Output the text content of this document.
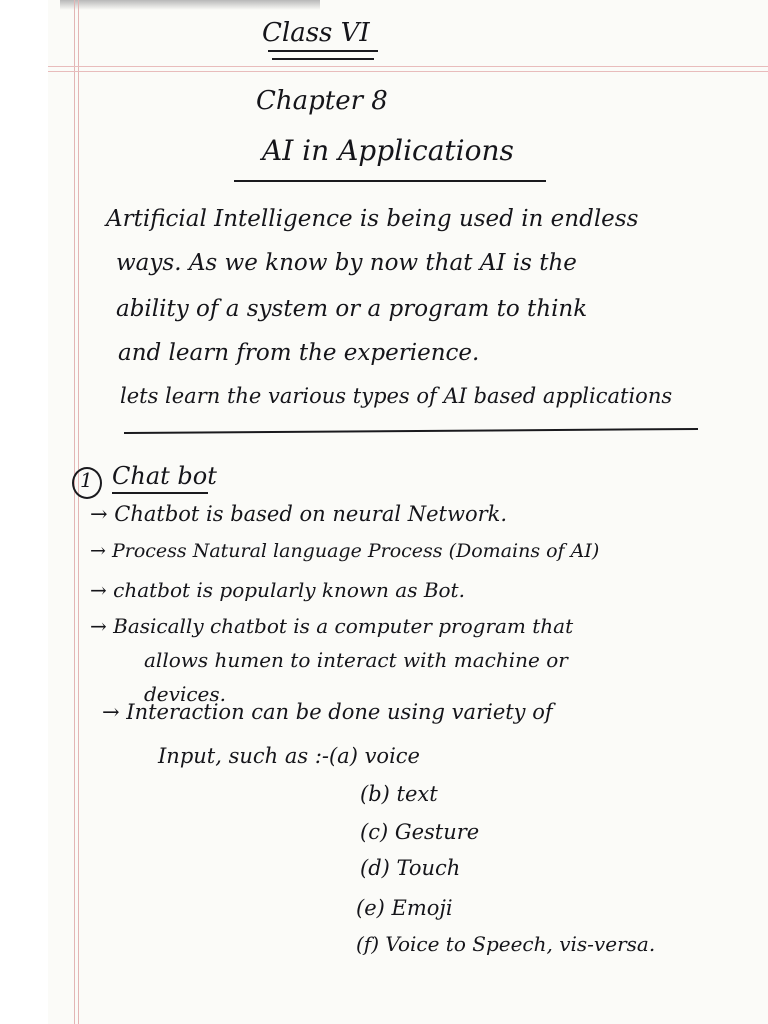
Class VI
Chapter 8
AI in Applications
Artificial Intelligence is being used in endless
ways. As we know by now that AI is the
ability of a system or a program to think
and learn from the experience.
lets learn the various types of AI based applications
1 Chat bot
→ Chatbot is based on neural Network.
→ Process Natural language Process (Domains of AI)
→ chatbot is popularly known as Bot.
→ Basically chatbot is a computer program that
allows humen to interact with machine or
devices.
→ Interaction can be done using variety of
Input, such as :-(a) voice
(b) text
(c) Gesture
(d) Touch
(e) Emoji
(f) Voice to Speech, vis-versa.
